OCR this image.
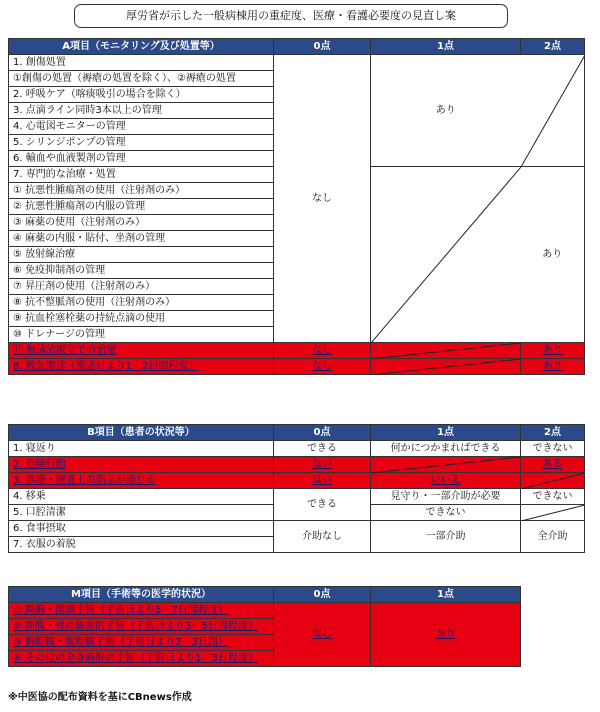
厚労省が示した一般病棟用の重症度、医療・看護必要度の見直し案
A項目（モニタリング及び処置等）	0点	1点	2点
1. 創傷処置	なし	あり	
①創傷の処置（褥瘡の処置を除く）、②褥瘡の処置			
2. 呼吸ケア（喀痰吸引の場合を除く）			
3. 点滴ライン同時3本以上の管理			
4. 心電図モニターの管理			
5. シリンジポンプの管理			
6. 輸血や血液製剤の管理			
7. 専門的な治療・処置			あり
① 抗悪性腫瘍剤の使用（注射剤のみ）			
② 抗悪性腫瘍剤の内服の管理			
③ 麻薬の使用（注射剤のみ）			
④ 麻薬の内服・貼付、坐剤の管理			
⑤ 放射線治療			
⑥ 免疫抑制剤の管理			
⑦ 昇圧剤の使用（注射剤のみ）			
⑧ 抗不整脈剤の使用（注射剤のみ）			
⑨ 抗血栓塞栓薬の持続点滴の使用			
⑩ ドレナージの管理			
⑪ 無菌治療室での治療	なし		あり
8. 救急搬送（搬送日より1－2日間程度）	なし		あり
B項目（患者の状況等）	0点	1点	2点
1. 寝返り	できる	何かにつかまればできる	できない
2. 危険行動	ない		ある
3. 診療・療養上の指示が通じる	はい	いいえ	
4. 移乗	できる	見守り・一部介助が必要	できない
5. 口腔清潔		できない	
6. 食事摂取	介助なし	一部介助	全介助
7. 衣服の着脱			
M項目（手術等の医学的状況）	0点	1点
① 開胸・開頭手術（手術日より5－7日間程度）	なし	あり
② 開腹・骨の観血的手術（手術日より3－5日間程度）		
③ 胸腔鏡・腹腔鏡手術（手術日より2－3日間）		
④ その他の全身麻酔の手術（手術日より1－3日程度）		
※中医協の配布資料を基にCBnews作成
